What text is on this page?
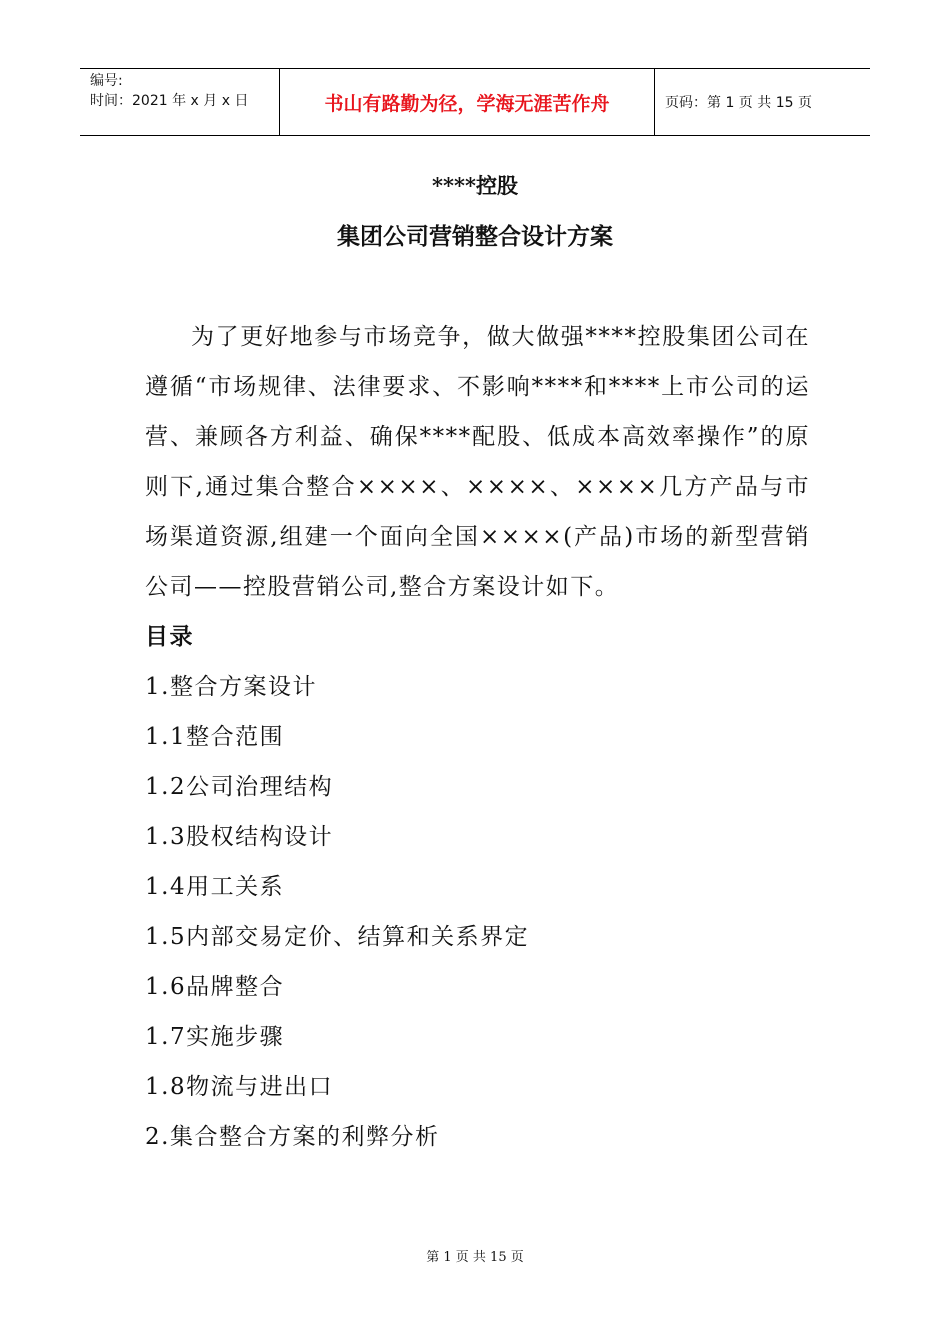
编号:
时间：2021 年 x 月 x 日	书山有路勤为径，学海无涯苦作舟	页码：第 1 页 共 15 页
****控股
集团公司营销整合设计方案

为了更好地参与市场竞争，做大做强****控股集团公司在遵循“市场规律、法律要求、不影响****和****上市公司的运营、兼顾各方利益、确保****配股、低成本高效率操作”的原则下,通过集合整合××××、××××、××××几方产品与市场渠道资源,组建一个面向全国××××(产品)市场的新型营销公司——控股营销公司,整合方案设计如下。

目录
1.整合方案设计
1.1整合范围
1.2公司治理结构
1.3股权结构设计
1.4用工关系
1.5内部交易定价、结算和关系界定
1.6品牌整合
1.7实施步骤
1.8物流与进出口
2.集合整合方案的利弊分析
第 1 页 共 15 页
